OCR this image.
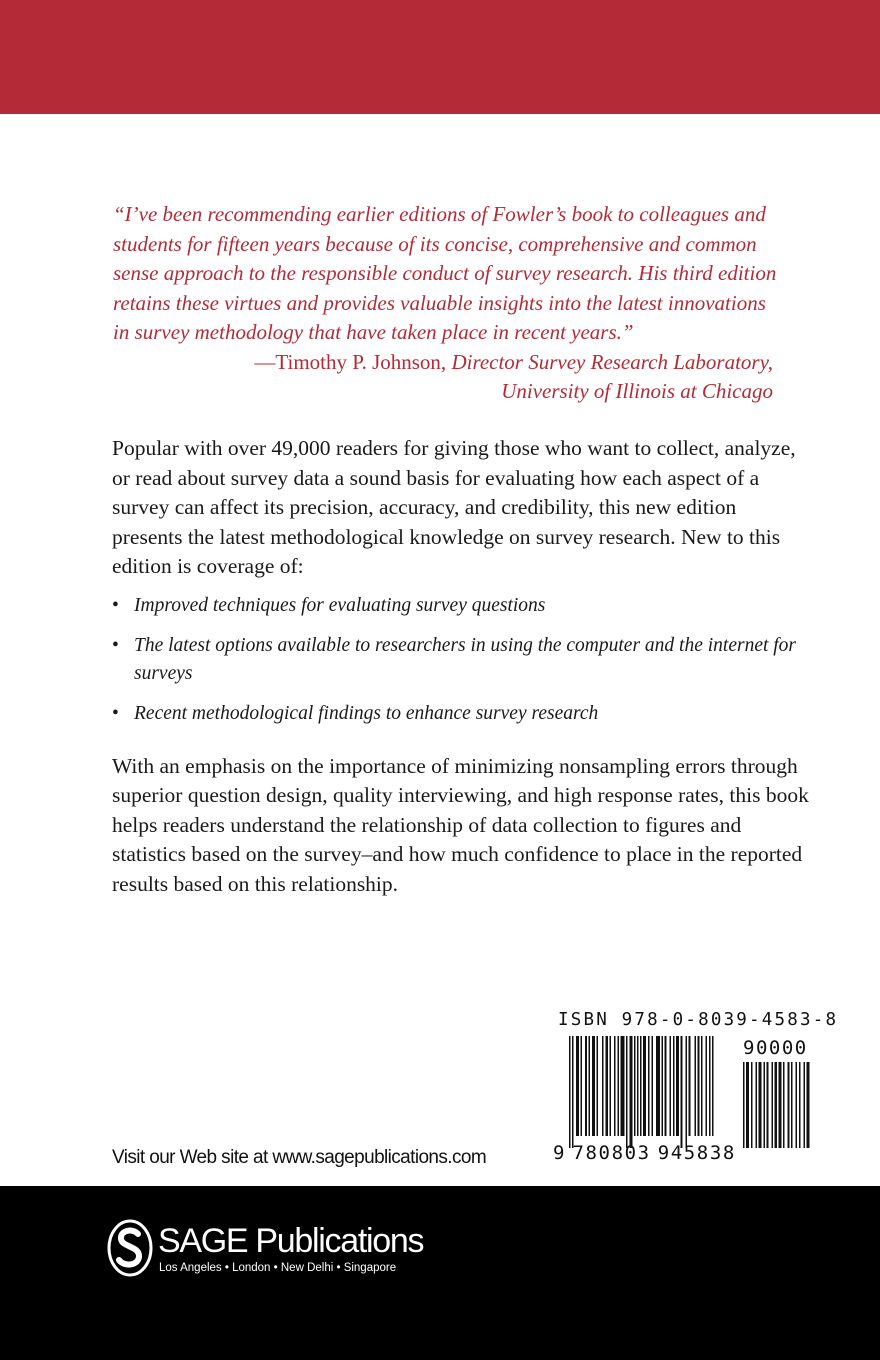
“I’ve been recommending earlier editions of Fowler’s book to colleagues and students for fifteen years because of its concise, comprehensive and common sense approach to the responsible conduct of survey research. His third edition retains these virtues and provides valuable insights into the latest innovations in survey methodology that have taken place in recent years.”

—Timothy P. Johnson, Director Survey Research Laboratory,

University of Illinois at Chicago

Popular with over 49,000 readers for giving those who want to collect, analyze, or read about survey data a sound basis for evaluating how each aspect of a survey can affect its precision, accuracy, and credibility, this new edition presents the latest methodological knowledge on survey research. New to this edition is coverage of:

• Improved techniques for evaluating survey questions
• The latest options available to researchers in using the computer and the internet for surveys
• Recent methodological findings to enhance survey research

With an emphasis on the importance of minimizing nonsampling errors through superior question design, quality interviewing, and high response rates, this book helps readers understand the relationship of data collection to figures and statistics based on the survey–and how much confidence to place in the reported results based on this relationship.

ISBN 978-0-8039-4583-8
90000
9 780803 945838
Visit our Web site at www.sagepublications.com
SAGE Publications
Los Angeles • London • New Delhi • Singapore
